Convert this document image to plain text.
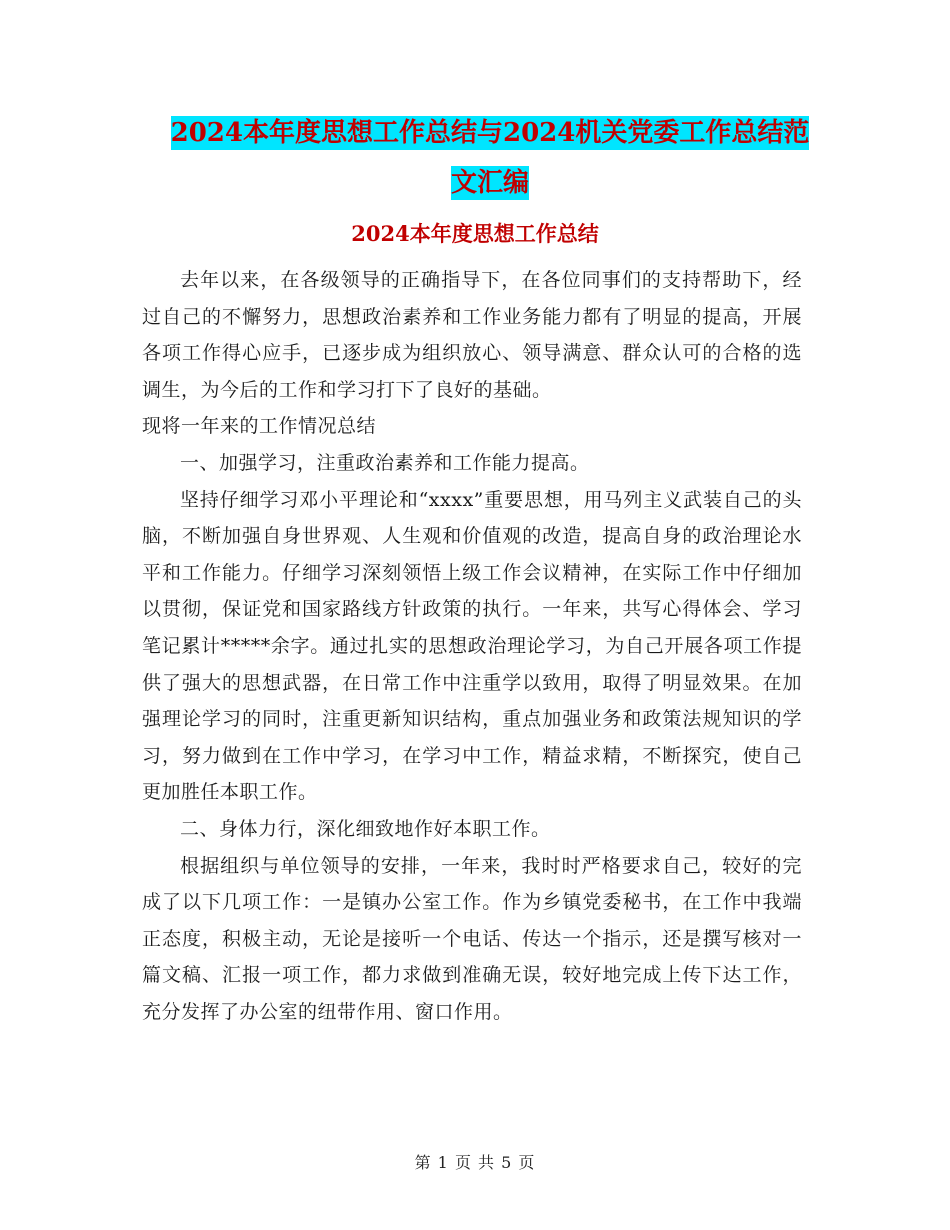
2024本年度思想工作总结与2024机关党委工作总结范
文汇编
2024本年度思想工作总结

去年以来，在各级领导的正确指导下，在各位同事们的支持帮助下，经过自己的不懈努力，思想政治素养和工作业务能力都有了明显的提高，开展各项工作得心应手，已逐步成为组织放心、领导满意、群众认可的合格的选调生，为今后的工作和学习打下了良好的基础。

现将一年来的工作情况总结

一、加强学习，注重政治素养和工作能力提高。

坚持仔细学习邓小平理论和“xxxx”重要思想，用马列主义武装自己的头脑，不断加强自身世界观、人生观和价值观的改造，提高自身的政治理论水平和工作能力。仔细学习深刻领悟上级工作会议精神，在实际工作中仔细加以贯彻，保证党和国家路线方针政策的执行。一年来，共写心得体会、学习笔记累计*****余字。通过扎实的思想政治理论学习，为自己开展各项工作提供了强大的思想武器，在日常工作中注重学以致用，取得了明显效果。在加强理论学习的同时，注重更新知识结构，重点加强业务和政策法规知识的学习，努力做到在工作中学习，在学习中工作，精益求精，不断探究，使自己更加胜任本职工作。

二、身体力行，深化细致地作好本职工作。

根据组织与单位领导的安排，一年来，我时时严格要求自己，较好的完成了以下几项工作：一是镇办公室工作。作为乡镇党委秘书，在工作中我端正态度，积极主动，无论是接听一个电话、传达一个指示，还是撰写核对一篇文稿、汇报一项工作，都力求做到准确无误，较好地完成上传下达工作，充分发挥了办公室的纽带作用、窗口作用。

第 1 页 共 5 页
